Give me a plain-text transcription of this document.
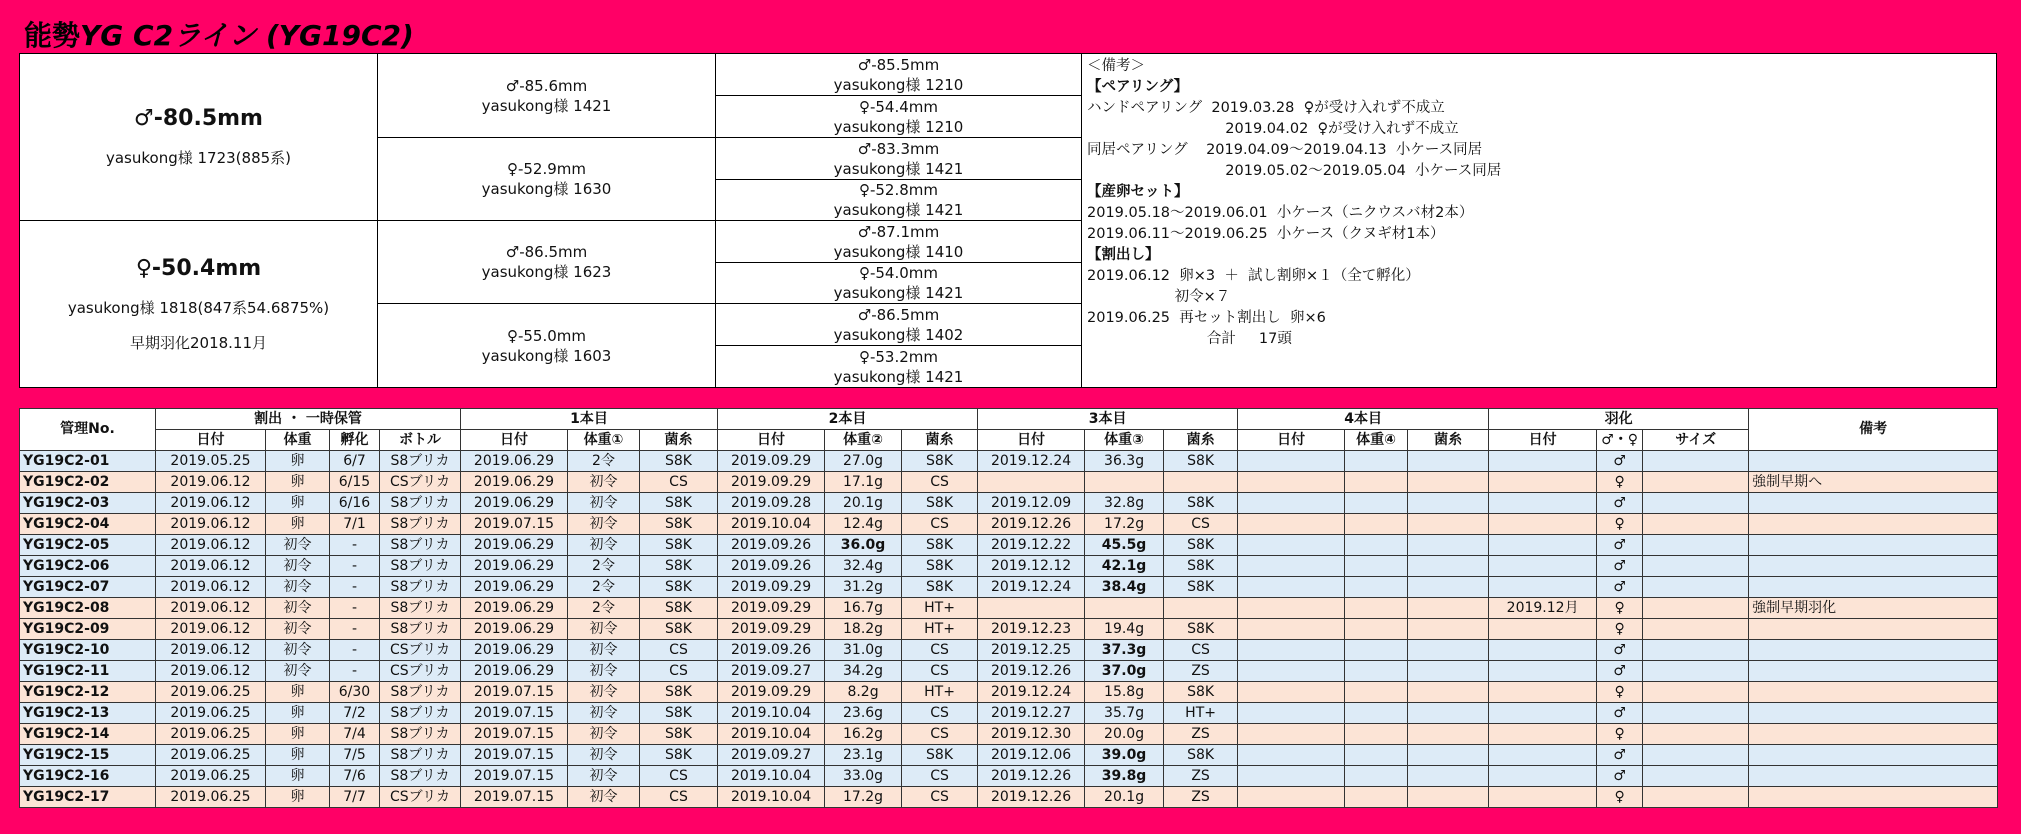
能勢YG C2ライン (YG19C2)
♂-80.5mm
yasukong様 1723(885系)
♀-50.4mm
yasukong様 1818(847系54.6875%)
早期羽化2018.11月
♂-85.6mm
yasukong様 1421
♀-52.9mm
yasukong様 1630
♂-86.5mm
yasukong様 1623
♀-55.0mm
yasukong様 1603
♂-85.5mm
yasukong様 1210
♀-54.4mm
yasukong様 1210
♂-83.3mm
yasukong様 1421
♀-52.8mm
yasukong様 1421
♂-87.1mm
yasukong様 1410
♀-54.0mm
yasukong様 1421
♂-86.5mm
yasukong様 1402
♀-53.2mm
yasukong様 1421
＜備考＞
【ペアリング】
ハンドペアリング  2019.03.28  ♀が受け入れず不成立
2019.04.02  ♀が受け入れず不成立
同居ペアリング    2019.04.09～2019.04.13  小ケース同居
2019.05.02～2019.05.04  小ケース同居
【産卵セット】
2019.05.18～2019.06.01  小ケース（ニクウスバ材2本）
2019.06.11～2019.06.25  小ケース（クヌギ材1本）
【割出し】
2019.06.12  卵×3  ＋  試し割卵×１（全て孵化）
初令×７
2019.06.25  再セット割出し  卵×6
合計     17頭
管理No.	割出 ・ 一時保管				1本目			2本目			3本目			4本目			羽化			備考
	日付	体重	孵化	ボトル	日付	体重①	菌糸	日付	体重②	菌糸	日付	体重③	菌糸	日付	体重④	菌糸	日付	♂・♀	サイズ	
YG19C2-01	2019.05.25	卵	6/7	S8ブリカ	2019.06.29	2令	S8K	2019.09.29	27.0g	S8K	2019.12.24	36.3g	S8K					♂		
YG19C2-02	2019.06.12	卵	6/15	CSブリカ	2019.06.29	初令	CS	2019.09.29	17.1g	CS								♀		強制早期へ
YG19C2-03	2019.06.12	卵	6/16	S8ブリカ	2019.06.29	初令	S8K	2019.09.28	20.1g	S8K	2019.12.09	32.8g	S8K					♂		
YG19C2-04	2019.06.12	卵	7/1	S8ブリカ	2019.07.15	初令	S8K	2019.10.04	12.4g	CS	2019.12.26	17.2g	CS					♀		
YG19C2-05	2019.06.12	初令	-	S8ブリカ	2019.06.29	初令	S8K	2019.09.26	36.0g	S8K	2019.12.22	45.5g	S8K					♂		
YG19C2-06	2019.06.12	初令	-	S8ブリカ	2019.06.29	2令	S8K	2019.09.26	32.4g	S8K	2019.12.12	42.1g	S8K					♂		
YG19C2-07	2019.06.12	初令	-	S8ブリカ	2019.06.29	2令	S8K	2019.09.29	31.2g	S8K	2019.12.24	38.4g	S8K					♂		
YG19C2-08	2019.06.12	初令	-	S8ブリカ	2019.06.29	2令	S8K	2019.09.29	16.7g	HT+							2019.12月	♀		強制早期羽化
YG19C2-09	2019.06.12	初令	-	S8ブリカ	2019.06.29	初令	S8K	2019.09.29	18.2g	HT+	2019.12.23	19.4g	S8K					♀		
YG19C2-10	2019.06.12	初令	-	CSブリカ	2019.06.29	初令	CS	2019.09.26	31.0g	CS	2019.12.25	37.3g	CS					♂		
YG19C2-11	2019.06.12	初令	-	CSブリカ	2019.06.29	初令	CS	2019.09.27	34.2g	CS	2019.12.26	37.0g	ZS					♂		
YG19C2-12	2019.06.25	卵	6/30	S8ブリカ	2019.07.15	初令	S8K	2019.09.29	8.2g	HT+	2019.12.24	15.8g	S8K					♀		
YG19C2-13	2019.06.25	卵	7/2	S8ブリカ	2019.07.15	初令	S8K	2019.10.04	23.6g	CS	2019.12.27	35.7g	HT+					♂		
YG19C2-14	2019.06.25	卵	7/4	S8ブリカ	2019.07.15	初令	S8K	2019.10.04	16.2g	CS	2019.12.30	20.0g	ZS					♀		
YG19C2-15	2019.06.25	卵	7/5	S8ブリカ	2019.07.15	初令	S8K	2019.09.27	23.1g	S8K	2019.12.06	39.0g	S8K					♂		
YG19C2-16	2019.06.25	卵	7/6	S8ブリカ	2019.07.15	初令	CS	2019.10.04	33.0g	CS	2019.12.26	39.8g	ZS					♂		
YG19C2-17	2019.06.25	卵	7/7	CSブリカ	2019.07.15	初令	CS	2019.10.04	17.2g	CS	2019.12.26	20.1g	ZS					♀		
